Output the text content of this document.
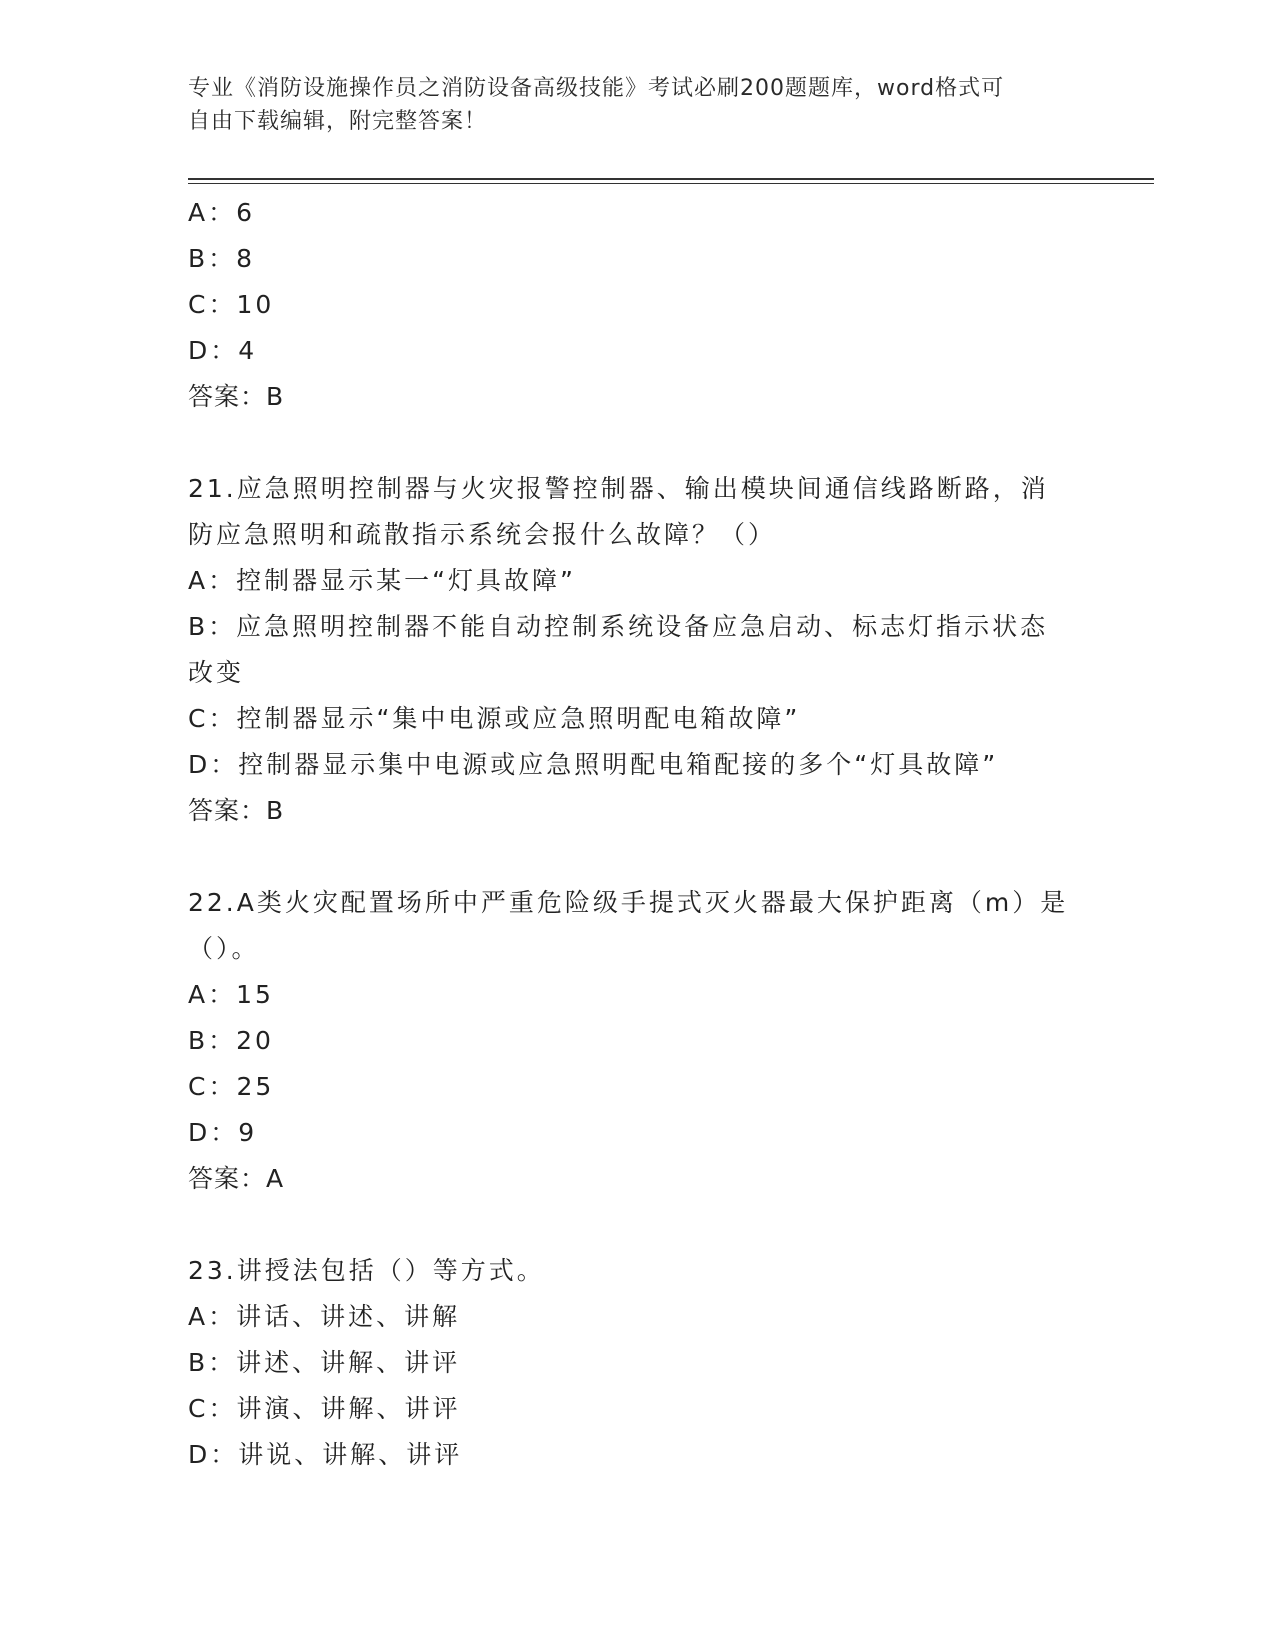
专业《消防设施操作员之消防设备高级技能》考试必刷200题题库，word格式可
自由下载编辑，附完整答案！
A：6
B：8
C：10
D：4
答案：B
21.应急照明控制器与火灾报警控制器、输出模块间通信线路断路，消
防应急照明和疏散指示系统会报什么故障？（）
A：控制器显示某一“灯具故障”
B：应急照明控制器不能自动控制系统设备应急启动、标志灯指示状态
改变
C：控制器显示“集中电源或应急照明配电箱故障”
D：控制器显示集中电源或应急照明配电箱配接的多个“灯具故障”
答案：B
22.A类火灾配置场所中严重危险级手提式灭火器最大保护距离（m）是
（）。
A：15
B：20
C：25
D：9
答案：A
23.讲授法包括（）等方式。
A：讲话、讲述、讲解
B：讲述、讲解、讲评
C：讲演、讲解、讲评
D：讲说、讲解、讲评
